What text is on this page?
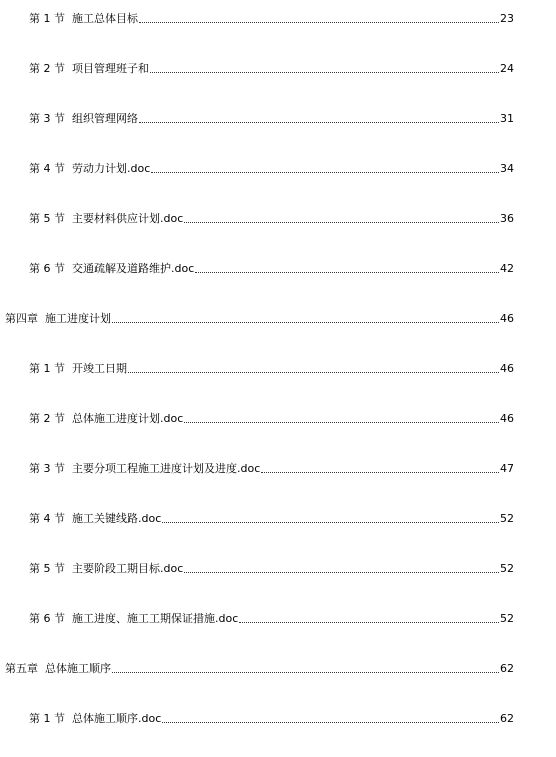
第 1 节  施工总体目标	23
第 2 节  项目管理班子和	24
第 3 节  组织管理网络	31
第 4 节  劳动力计划.doc	34
第 5 节  主要材料供应计划.doc	36
第 6 节  交通疏解及道路维护.doc	42
第四章  施工进度计划	46
第 1 节  开竣工日期	46
第 2 节  总体施工进度计划.doc	46
第 3 节  主要分项工程施工进度计划及进度.doc	47
第 4 节  施工关键线路.doc	52
第 5 节  主要阶段工期目标.doc	52
第 6 节  施工进度、施工工期保证措施.doc	52
第五章  总体施工顺序	62
第 1 节  总体施工顺序.doc	62
